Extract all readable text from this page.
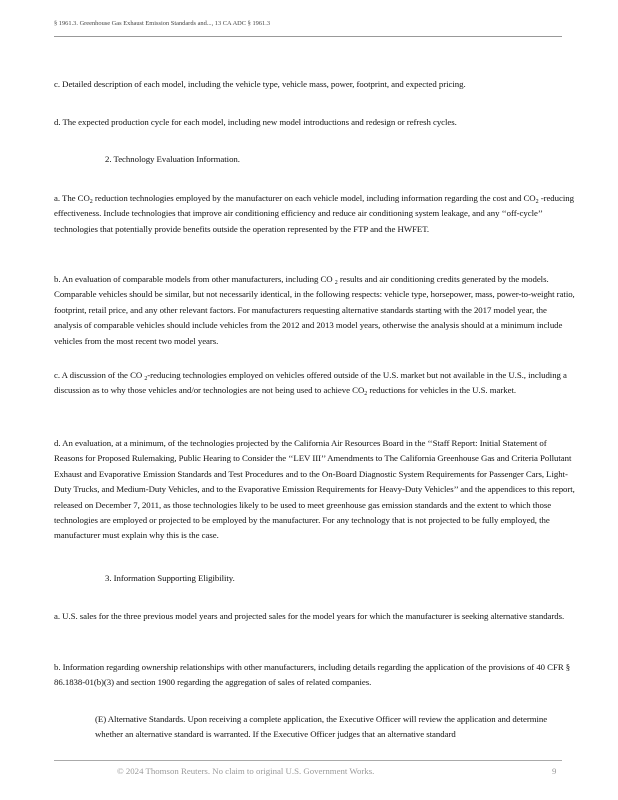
§ 1961.3. Greenhouse Gas Exhaust Emission Standards and..., 13 CA ADC § 1961.3

c. Detailed description of each model, including the vehicle type, vehicle mass, power, footprint, and expected pricing.

d. The expected production cycle for each model, including new model introductions and redesign or refresh cycles.

2. Technology Evaluation Information.

a. The $CO_2$ reduction technologies employed by the manufacturer on each vehicle model, including information regarding the cost and $CO_2$ -reducing effectiveness. Include technologies that improve air conditioning efficiency and reduce air conditioning system leakage, and any ‘‘off-cycle’’ technologies that potentially provide benefits outside the operation represented by the FTP and the HWFET.

b. An evaluation of comparable models from other manufacturers, including CO $_2$ results and air conditioning credits generated by the models. Comparable vehicles should be similar, but not necessarily identical, in the following respects: vehicle type, horsepower, mass, power-to-weight ratio, footprint, retail price, and any other relevant factors. For manufacturers requesting alternative standards starting with the 2017 model year, the analysis of comparable vehicles should include vehicles from the 2012 and 2013 model years, otherwise the analysis should at a minimum include vehicles from the most recent two model years.

c. A discussion of the CO $_2$-reducing technologies employed on vehicles offered outside of the U.S. market but not available in the U.S., including a discussion as to why those vehicles and/or technologies are not being used to achieve $CO_2$ reductions for vehicles in the U.S. market.

d. An evaluation, at a minimum, of the technologies projected by the California Air Resources Board in the ‘‘Staff Report: Initial Statement of Reasons for Proposed Rulemaking, Public Hearing to Consider the ‘‘LEV III’’ Amendments to The California Greenhouse Gas and Criteria Pollutant Exhaust and Evaporative Emission Standards and Test Procedures and to the On-Board Diagnostic System Requirements for Passenger Cars, Light-Duty Trucks, and Medium-Duty Vehicles, and to the Evaporative Emission Requirements for Heavy-Duty Vehicles’’ and the appendices to this report, released on December 7, 2011, as those technologies likely to be used to meet greenhouse gas emission standards and the extent to which those technologies are employed or projected to be employed by the manufacturer. For any technology that is not projected to be fully employed, the manufacturer must explain why this is the case.

3. Information Supporting Eligibility.

a. U.S. sales for the three previous model years and projected sales for the model years for which the manufacturer is seeking alternative standards.

b. Information regarding ownership relationships with other manufacturers, including details regarding the application of the provisions of 40 CFR § 86.1838-01(b)(3) and section 1900 regarding the aggregation of sales of related companies.

(E) Alternative Standards. Upon receiving a complete application, the Executive Officer will review the application and determine whether an alternative standard is warranted. If the Executive Officer judges that an alternative standard

© 2024 Thomson Reuters. No claim to original U.S. Government Works.	9
